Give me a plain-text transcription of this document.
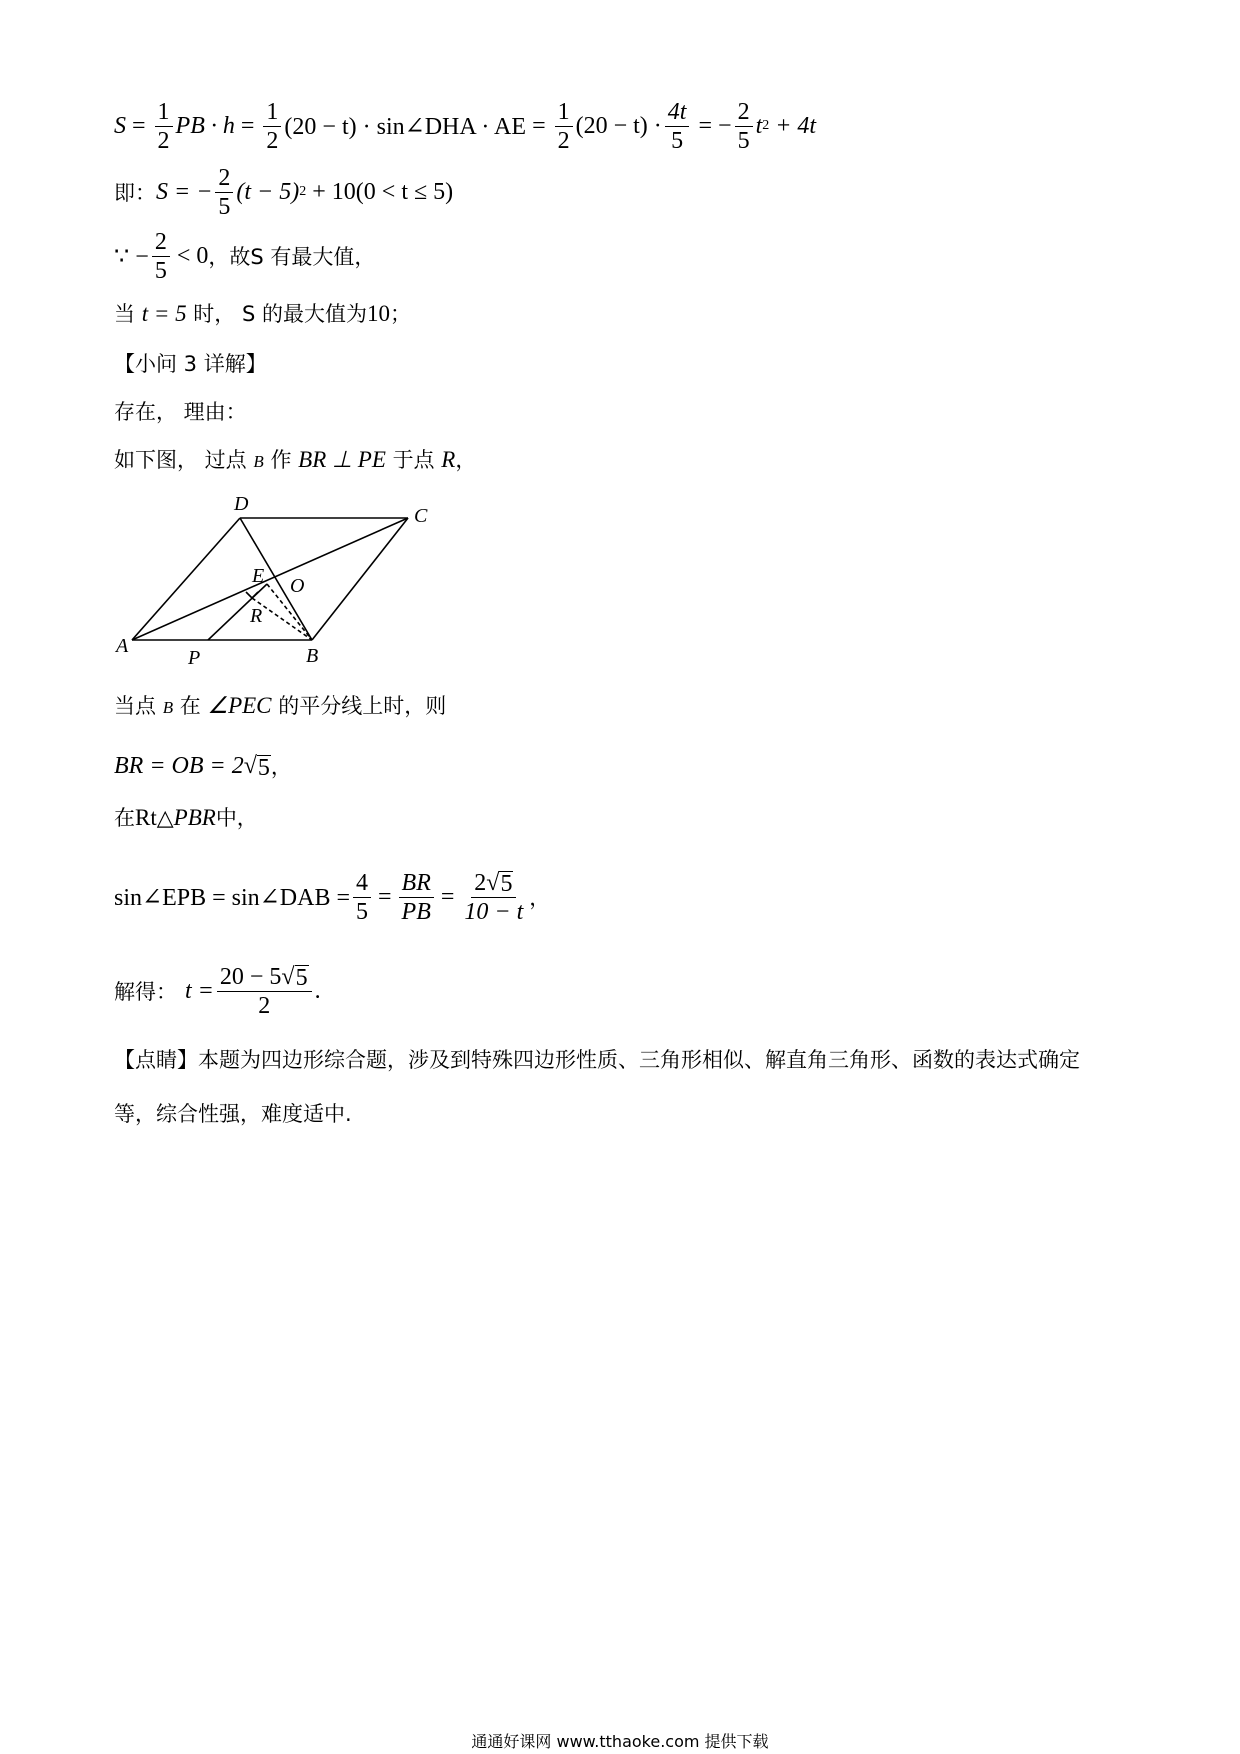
$S = \frac{1}{2}$ PB · $h = \frac{1}{2} (20 - t)$ · sin∠DHA · AE = $\frac{1}{2} (20 - t) \cdot \frac{4t}{5}$ = − $\frac{2}{5}$ t 2 + 4t
即： S = − $\frac{2}{5} (t - 5) 2 + 10(0 < t \le 5)$
∵ − $\frac{2}{5} < 0$ ，故S 有最大值，
当 t = 5 时， S 的最大值为10；
【小问 3 详解】
存在， 理由：
如下图， 过点 B 作 BR ⊥ PE 于点 R，
A	B
C
D
E O
P
R
当点 B 在 ∠PEC 的平分线上时，则
BR = OB = 2 √ 5 ，
在Rt△PBR中，
sin∠EPB = sin∠DAB = $\frac{4}{5} = \frac{BR}{PB} = \frac{2 √ 5}{10 - t}$ ，
解得： $t = \frac{20 - 5 √ 5}{2}$ .
【点睛】本题为四边形综合题，涉及到特殊四边形性质、三角形相似、解直角三角形、函数的表达式确定
等，综合性强，难度适中.
通通好课网 www.tthaoke.com 提供下载
